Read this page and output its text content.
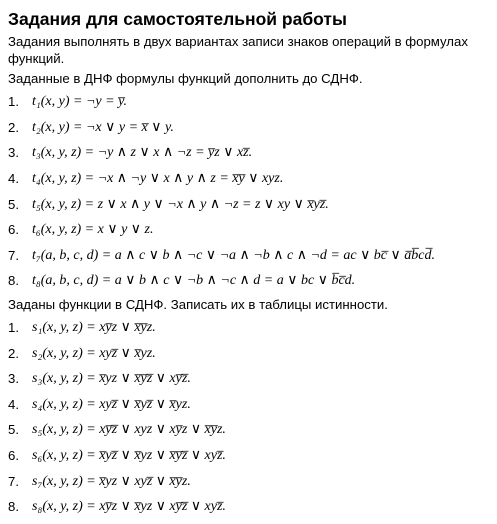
Задания для самостоятельной работы

Задания выполнять в двух вариантах записи знаков операций в формулах функций.

Заданные в ДНФ формулы функций дополнить до СДНФ.

1. t₁(x, y) = ¬y = y̅.
2. t₂(x, y) = ¬x ∨ y = x̅ ∨ y.
3. t₃(x, y, z) = ¬y ∧ z ∨ x ∧ ¬z = y̅z ∨ xz̅.
4. t₄(x, y, z) = ¬x ∧ ¬y ∨ x ∧ y ∧ z = x̅y̅ ∨ xyz.
5. t₅(x, y, z) = z ∨ x ∧ y ∨ ¬x ∧ y ∧ ¬z = z ∨ xy ∨ x̅yz̅.
6. t₆(x, y, z) = x ∨ y ∨ z.
7. t₇(a, b, c, d) = a ∧ c ∨ b ∧ ¬c ∨ ¬a ∧ ¬b ∧ c ∧ ¬d = ac ∨ bc̅ ∨ a̅b̅cd̅.
8. t₈(a, b, c, d) = a ∨ b ∧ c ∨ ¬b ∧ ¬c ∧ d = a ∨ bc ∨ b̅c̅d.

Заданы функции в СДНФ. Записать их в таблицы истинности.

1. s₁(x, y, z) = xy̅z ∨ x̅y̅z.
2. s₂(x, y, z) = xyz̅ ∨ x̅yz.
3. s₃(x, y, z) = x̅yz ∨ x̅y̅z̅ ∨ xy̅z̅.
4. s₄(x, y, z) = xyz̅ ∨ x̅yz̅ ∨ x̅yz.
5. s₅(x, y, z) = xy̅z̅ ∨ xyz ∨ xy̅z ∨ x̅y̅z.
6. s₆(x, y, z) = x̅yz̅ ∨ x̅yz ∨ x̅y̅z̅ ∨ xyz̅.
7. s₇(x, y, z) = x̅yz ∨ xyz̅ ∨ x̅y̅z.
8. s₈(x, y, z) = xy̅z ∨ x̅yz ∨ xy̅z̅ ∨ xyz̅.
